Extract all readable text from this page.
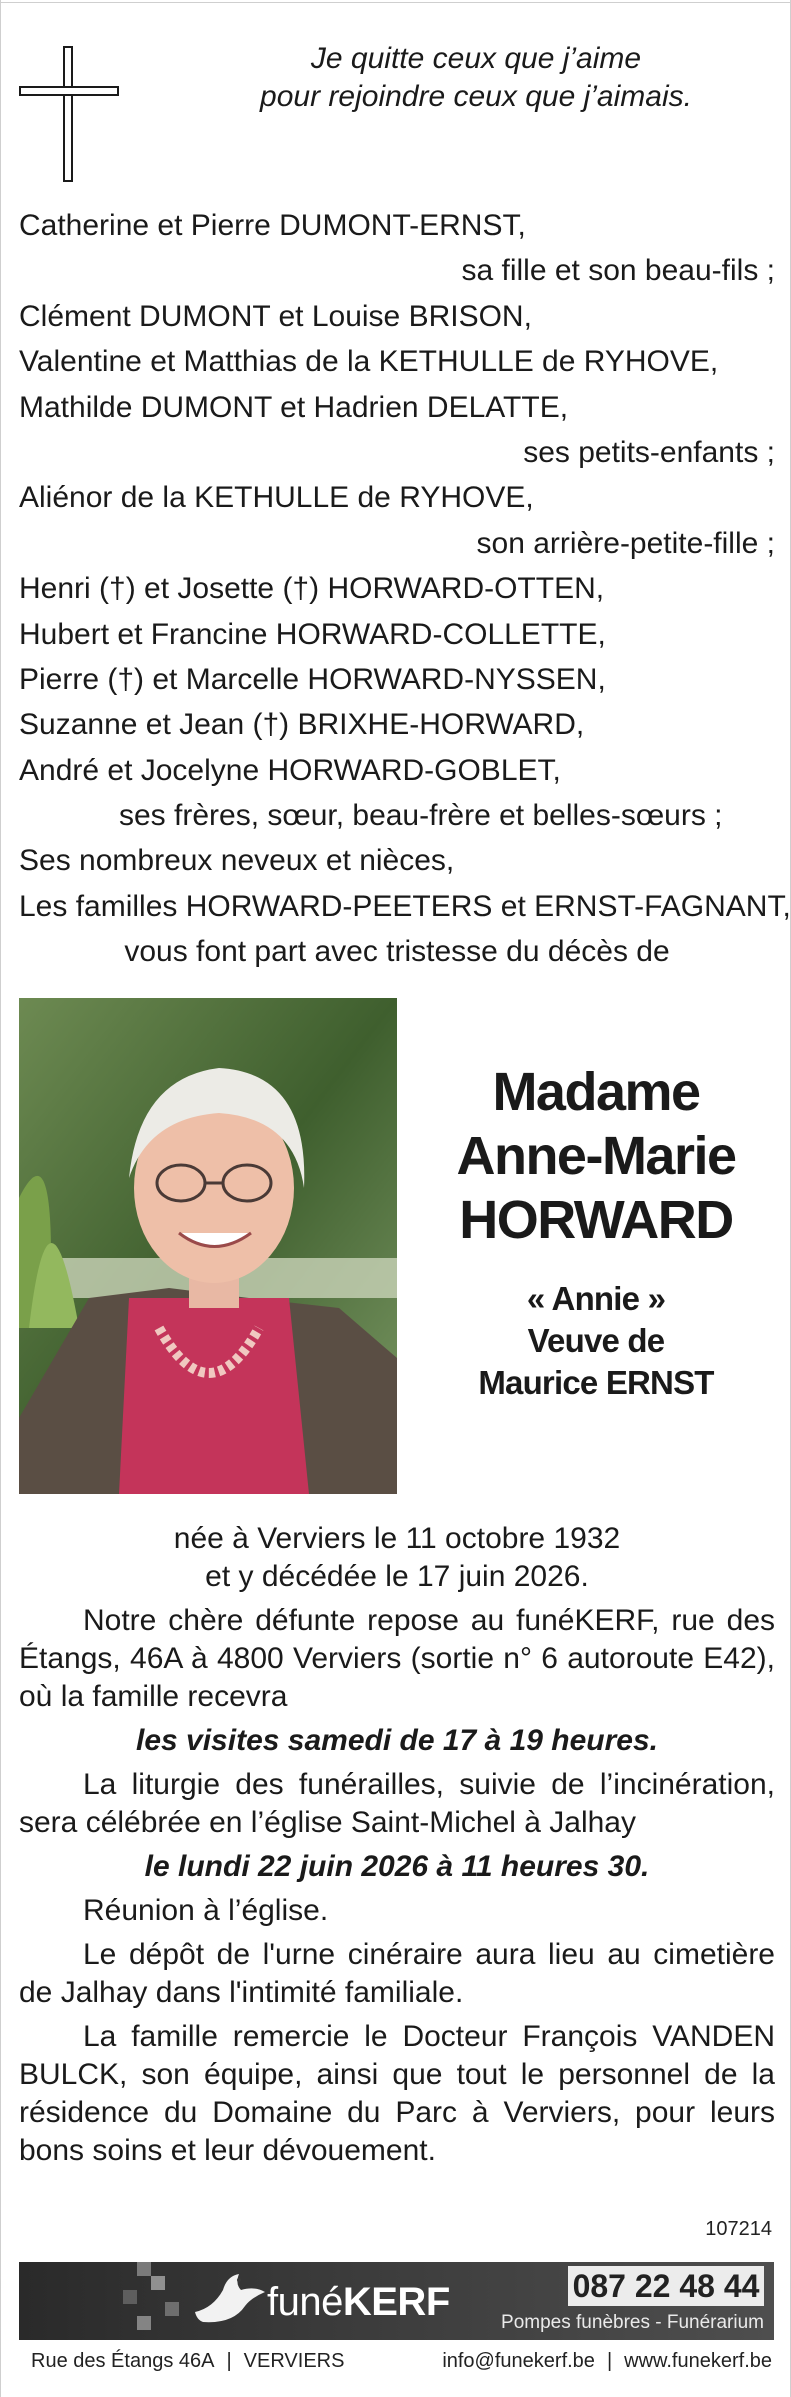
Je quitte ceux que j’aime
pour rejoindre ceux que j’aimais.
Catherine et Pierre DUMONT-ERNST,
sa fille et son beau-fils ;
Clément DUMONT et Louise BRISON,
Valentine et Matthias de la KETHULLE de RYHOVE,
Mathilde DUMONT et Hadrien DELATTE,
ses petits-enfants ;
Aliénor de la KETHULLE de RYHOVE,
son arrière-petite-fille ;
Henri (†) et Josette (†) HORWARD-OTTEN,
Hubert et Francine HORWARD-COLLETTE,
Pierre (†) et Marcelle HORWARD-NYSSEN,
Suzanne et Jean (†) BRIXHE-HORWARD,
André et Jocelyne HORWARD-GOBLET,
ses frères, sœur, beau-frère et belles-sœurs ;
Ses nombreux neveux et nièces,
Les familles HORWARD-PEETERS et ERNST-FAGNANT,
vous font part avec tristesse du décès de
Madame
Anne-Marie
HORWARD
« Annie »
Veuve de
Maurice ERNST
née à Verviers le 11 octobre 1932
et y décédée le 17 juin 2026.

Notre chère défunte repose au funéKERF, rue des Étangs, 46A à 4800 Verviers (sortie n° 6 autoroute E42), où la famille recevra

les visites samedi de 17 à 19 heures.

La liturgie des funérailles, suivie de l’incinération, sera célébrée en l’église Saint-Michel à Jalhay

le lundi 22 juin 2026 à 11 heures 30.

Réunion à l’église.

Le dépôt de l'urne cinéraire aura lieu au cimetière de Jalhay dans l'intimité familiale.

La famille remercie le Docteur François VANDEN BULCK, son équipe, ainsi que tout le personnel de la résidence du Domaine du Parc à Verviers, pour leurs bons soins et leur dévouement.

107214
funéKERF	087 22 48 44
Pompes funèbres - Funérarium
Rue des Étangs 46A | VERVIERS	info@funekerf.be | www.funekerf.be
